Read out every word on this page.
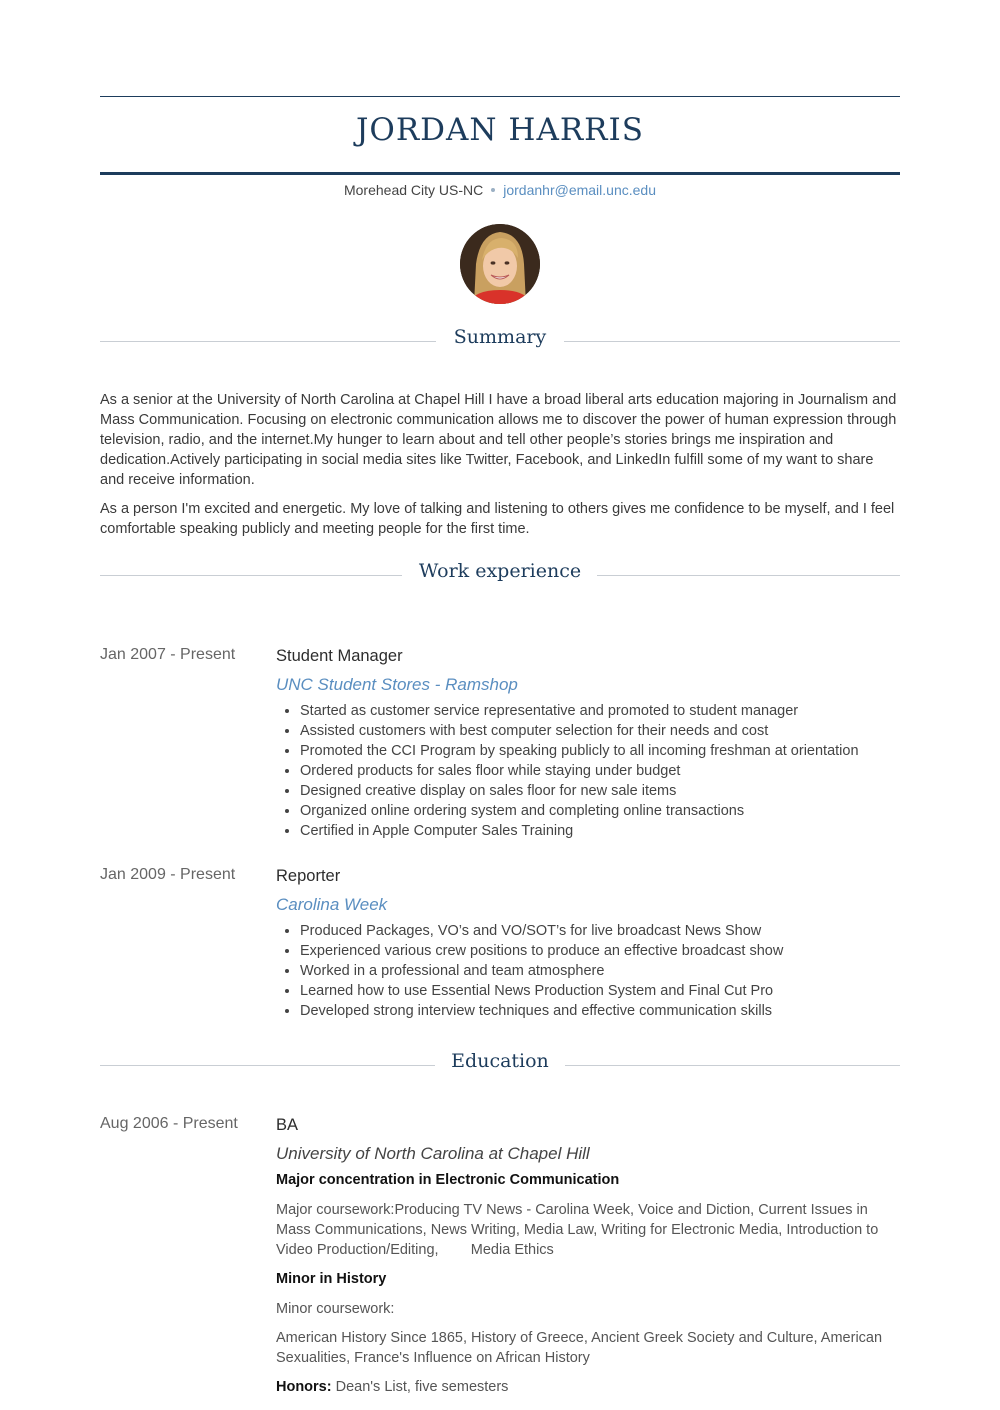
JORDAN HARRIS
Morehead City US-NC jordanhr@email.unc.edu
Summary

As a senior at the University of North Carolina at Chapel Hill I have a broad liberal arts education majoring in Journalism and Mass Communication. Focusing on electronic communication allows me to discover the power of human expression through television, radio, and the internet.My hunger to learn about and tell other people’s stories brings me inspiration and dedication.Actively participating in social media sites like Twitter, Facebook, and LinkedIn fulfill some of my want to share and receive information.

As a person I'm excited and energetic. My love of talking and listening to others gives me confidence to be myself, and I feel comfortable speaking publicly and meeting people for the first time.

Work experience
Jan 2007 - Present Student Manager
UNC Student Stores - Ramshop
• Started as customer service representative and promoted to student manager
• Assisted customers with best computer selection for their needs and cost
• Promoted the CCI Program by speaking publicly to all incoming freshman at orientation
• Ordered products for sales floor while staying under budget
• Designed creative display on sales floor for new sale items
• Organized online ordering system and completing online transactions
• Certified in Apple Computer Sales Training
Jan 2009 - Present Reporter
Carolina Week
• Produced Packages, VO’s and VO/SOT’s for live broadcast News Show
• Experienced various crew positions to produce an effective broadcast show
• Worked in a professional and team atmosphere
• Learned how to use Essential News Production System and Final Cut Pro
• Developed strong interview techniques and effective communication skills
Education
Aug 2006 - Present BA
University of North Carolina at Chapel Hill
Major concentration in Electronic Communication
Major coursework:Producing TV News - Carolina Week, Voice and Diction, Current Issues in Mass Communications, News Writing, Media Law, Writing for Electronic Media, Introduction to Video Production/Editing,        Media Ethics
Minor in History
Minor coursework:
American History Since 1865, History of Greece, Ancient Greek Society and Culture, American Sexualities, France's Influence on African History
Honors: Dean's List, five semesters
